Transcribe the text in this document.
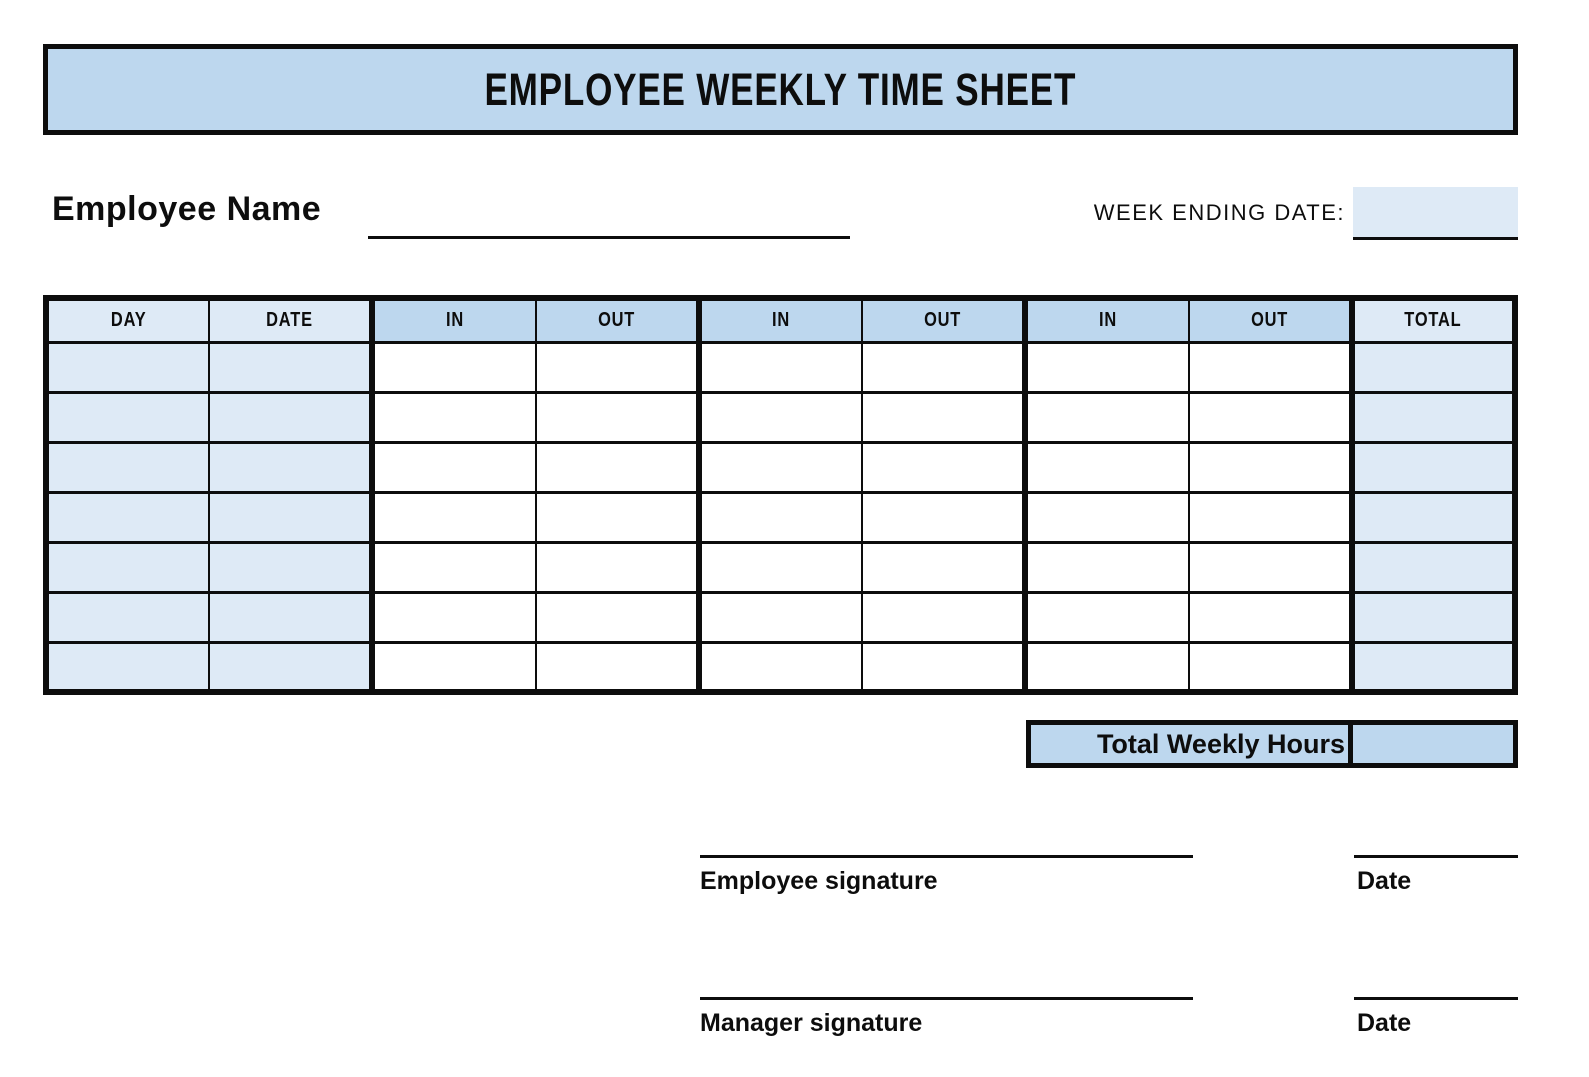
EMPLOYEE WEEKLY TIME SHEET
Employee Name	WEEK ENDING DATE:
DAY	DATE	IN	OUT	IN	OUT	IN	OUT	TOTAL

Total Weekly Hours
Employee signature	Date
Manager signature	Date
